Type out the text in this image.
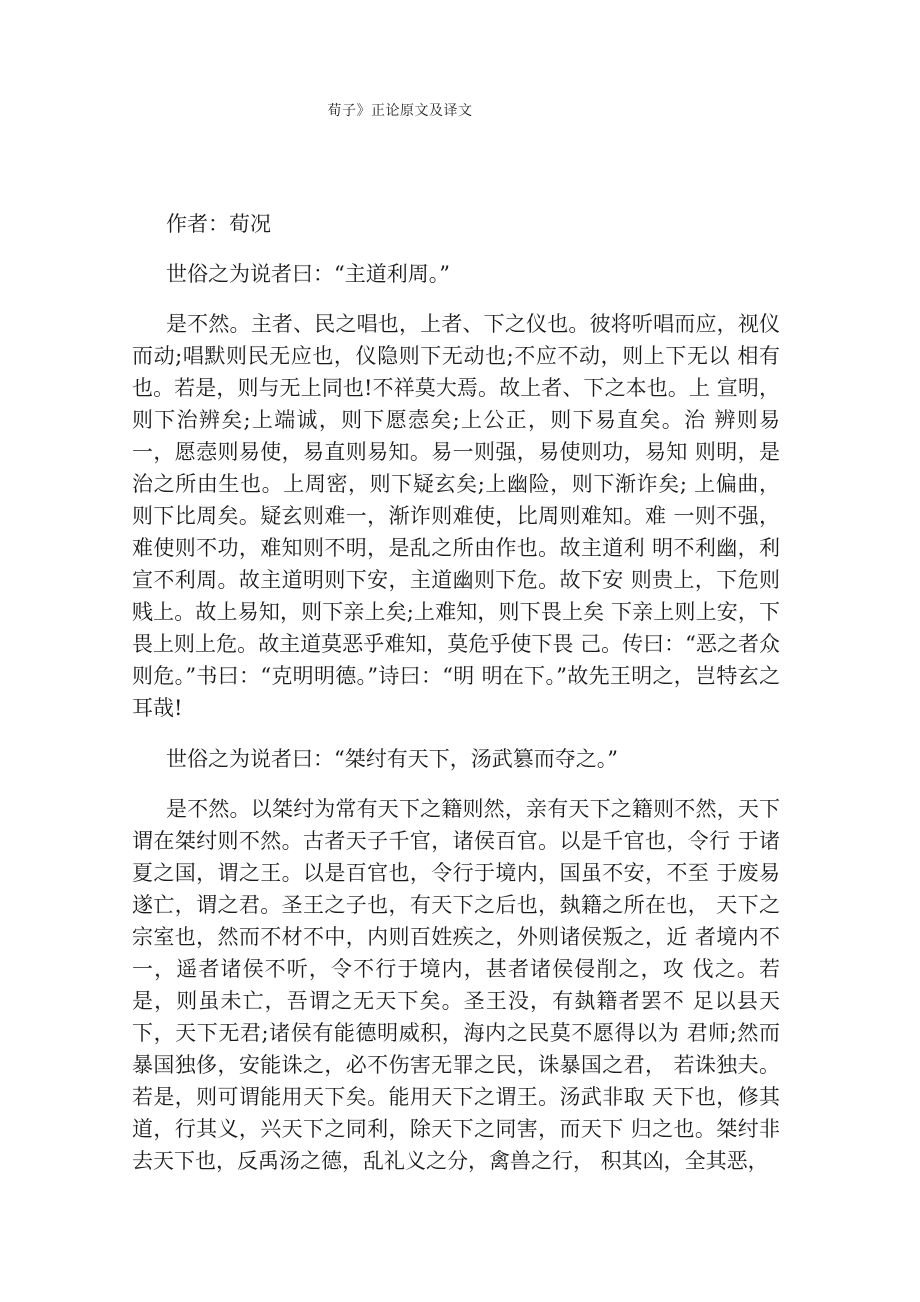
荀子》正论原文及译文

作者：荀况

世俗之为说者曰：“主道利周。”

是不然。主者、民之唱也，上者、下之仪也。彼将听唱而应，视仪而动;唱默则民无应也，仪隐则下无动也;不应不动，则上下无以 相有也。若是，则与无上同也!不祥莫大焉。故上者、下之本也。上 宣明，则下治辨矣;上端诚，则下愿悫矣;上公正，则下易直矣。治 辨则易一，愿悫则易使，易直则易知。易一则强，易使则功，易知 则明，是治之所由生也。上周密，则下疑玄矣;上幽险，则下渐诈矣; 上偏曲，则下比周矣。疑玄则难一，渐诈则难使，比周则难知。难 一则不强，难使则不功，难知则不明，是乱之所由作也。故主道利 明不利幽，利宣不利周。故主道明则下安，主道幽则下危。故下安 则贵上，下危则贱上。故上易知，则下亲上矣;上难知，则下畏上矣 下亲上则上安，下畏上则上危。故主道莫恶乎难知，莫危乎使下畏 己。传曰：“恶之者众则危。”书曰：“克明明德。”诗曰：“明 明在下。”故先王明之，岂特玄之耳哉!

世俗之为说者曰：“桀纣有天下，汤武篡而夺之。”

是不然。以桀纣为常有天下之籍则然，亲有天下之籍则不然，天下谓在桀纣则不然。古者天子千官，诸侯百官。以是千官也，令行 于诸夏之国，谓之王。以是百官也，令行于境内，国虽不安，不至 于废易遂亡，谓之君。圣王之子也，有天下之后也，埶籍之所在也， 天下之宗室也，然而不材不中，内则百姓疾之，外则诸侯叛之，近 者境内不一，遥者诸侯不听，令不行于境内，甚者诸侯侵削之，攻 伐之。若是，则虽未亡，吾谓之无天下矣。圣王没，有埶籍者罢不 足以县天下，天下无君;诸侯有能德明威积，海内之民莫不愿得以为 君师;然而暴国独侈，安能诛之，必不伤害无罪之民，诛暴国之君， 若诛独夫。若是，则可谓能用天下矣。能用天下之谓王。汤武非取 天下也，修其道，行其义，兴天下之同利，除天下之同害，而天下 归之也。桀纣非去天下也，反禹汤之德，乱礼义之分，禽兽之行， 积其凶，全其恶，
